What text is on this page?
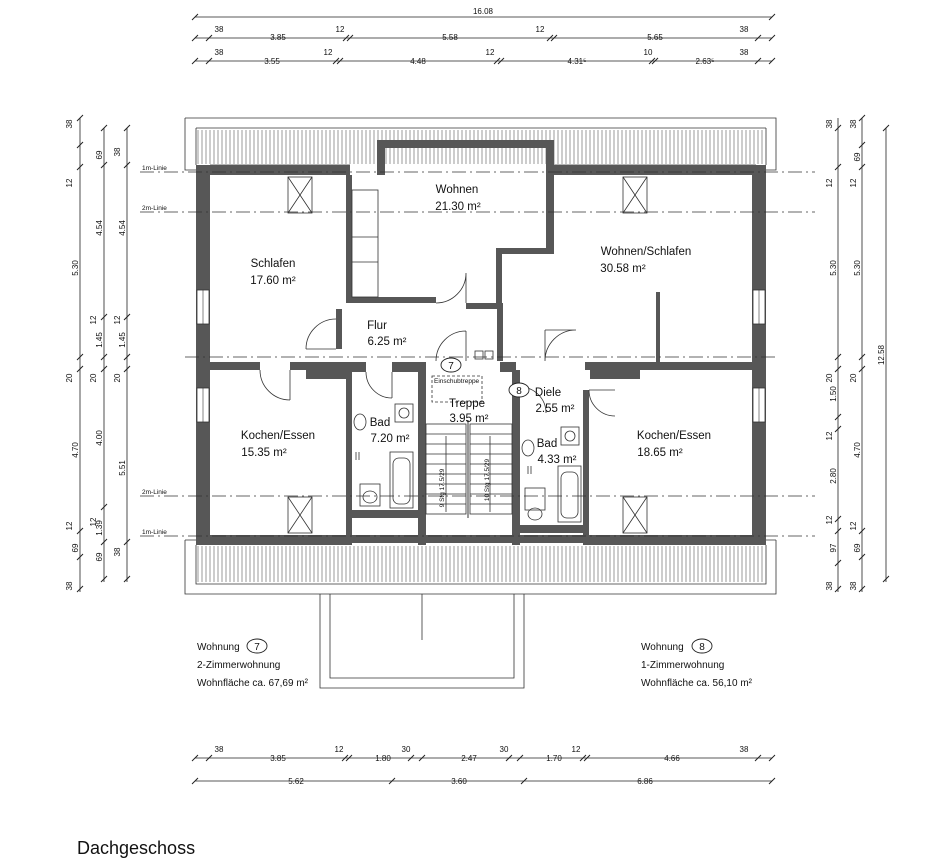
16.08
38
3.85
12
5.58
12
5.65
38
38
3.55
12
4.48
12
4.31⁵
10
2.63⁵
38
38
12
5.30
20
4.70
12
69
38
69
4.54
12
1.45
20
4.00
12
1.39
69
38
4.54
12
1.45
20
5.51
38
38
12
5.30
20
1.50
12
2.80
12
97
38
38
69
12
5.30
20
4.70
12
69
38
12.58
9 Stg 17.5/29	10 Stg 17.5/29
Einschubtreppe
1m-Linie
2m-Linie
2m-Linie
1m-Linie
Wohnen
21.30 m²
Schlafen
17.60 m²
Wohnen/Schlafen
30.58 m²
Flur
6.25 m²
Kochen/Essen
15.35 m²
Bad
7.20 m²
Treppe
3.95 m²
Diele
2.55 m²
Bad
4.33 m²
Kochen/Essen
18.65 m²
7
8
Wohnung 7
2-Zimmerwohnung
Wohnfläche ca. 67,69 m²
Wohnung 8
1-Zimmerwohnung
Wohnfläche ca. 56,10 m²
38
3.85
12
1.80
30
2.47
30
1.70
12
4.66
38
5.62	3.60	6.86
Dachgeschoss
